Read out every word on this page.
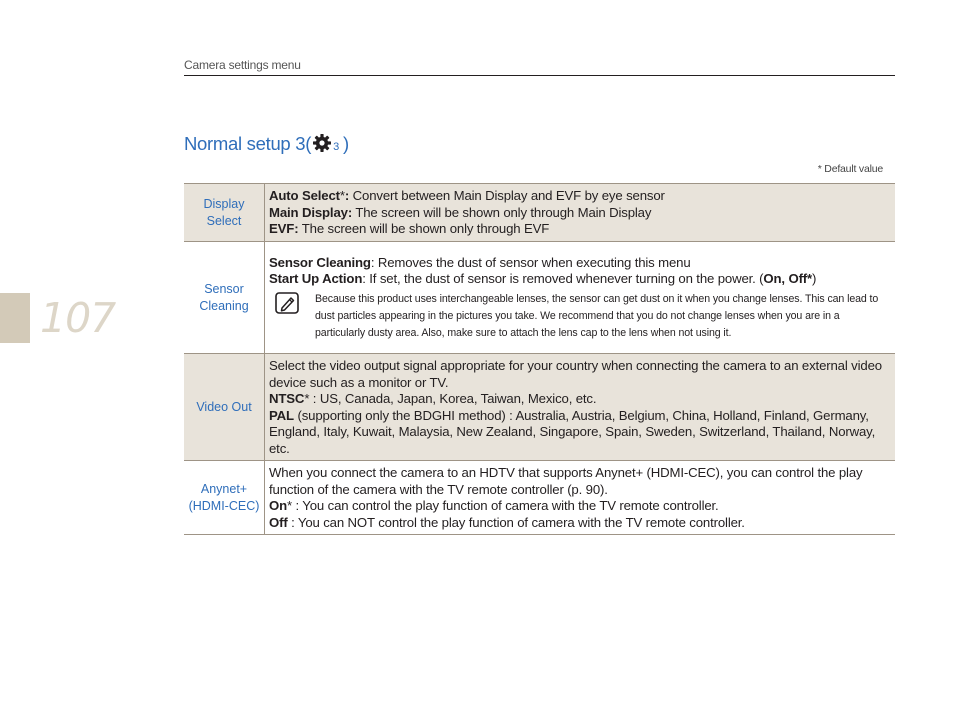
107
Camera settings menu
Normal setup 3( 3 )
* Default value
Display Select	Auto Select*: Convert between Main Display and EVF by eye sensor
Main Display: The screen will be shown only through Main Display
EVF: The screen will be shown only through EVF

Sensor Cleaning	Sensor Cleaning: Removes the dust of sensor when executing this menu
Start Up Action: If set, the dust of sensor is removed whenever turning on the power. (On, Off*)
Because this product uses interchangeable lenses, the sensor can get dust on it when you change lenses. This can lead to dust particles appearing in the pictures you take. We recommend that you do not change lenses when you are in a particularly dusty area. Also, make sure to attach the lens cap to the lens when not using it.

Video Out	Select the video output signal appropriate for your country when connecting the camera to an external video device such as a monitor or TV.
NTSC* : US, Canada, Japan, Korea, Taiwan, Mexico, etc.
PAL (supporting only the BDGHI method) : Australia, Austria, Belgium, China, Holland, Finland, Germany, England, Italy, Kuwait, Malaysia, New Zealand, Singapore, Spain, Sweden, Switzerland, Thailand, Norway, etc.

Anynet+ (HDMI-CEC)	When you connect the camera to an HDTV that supports Anynet+ (HDMI-CEC), you can control the play function of the camera with the TV remote controller (p. 90).
On* : You can control the play function of camera with the TV remote controller.
Off : You can NOT control the play function of camera with the TV remote controller.
